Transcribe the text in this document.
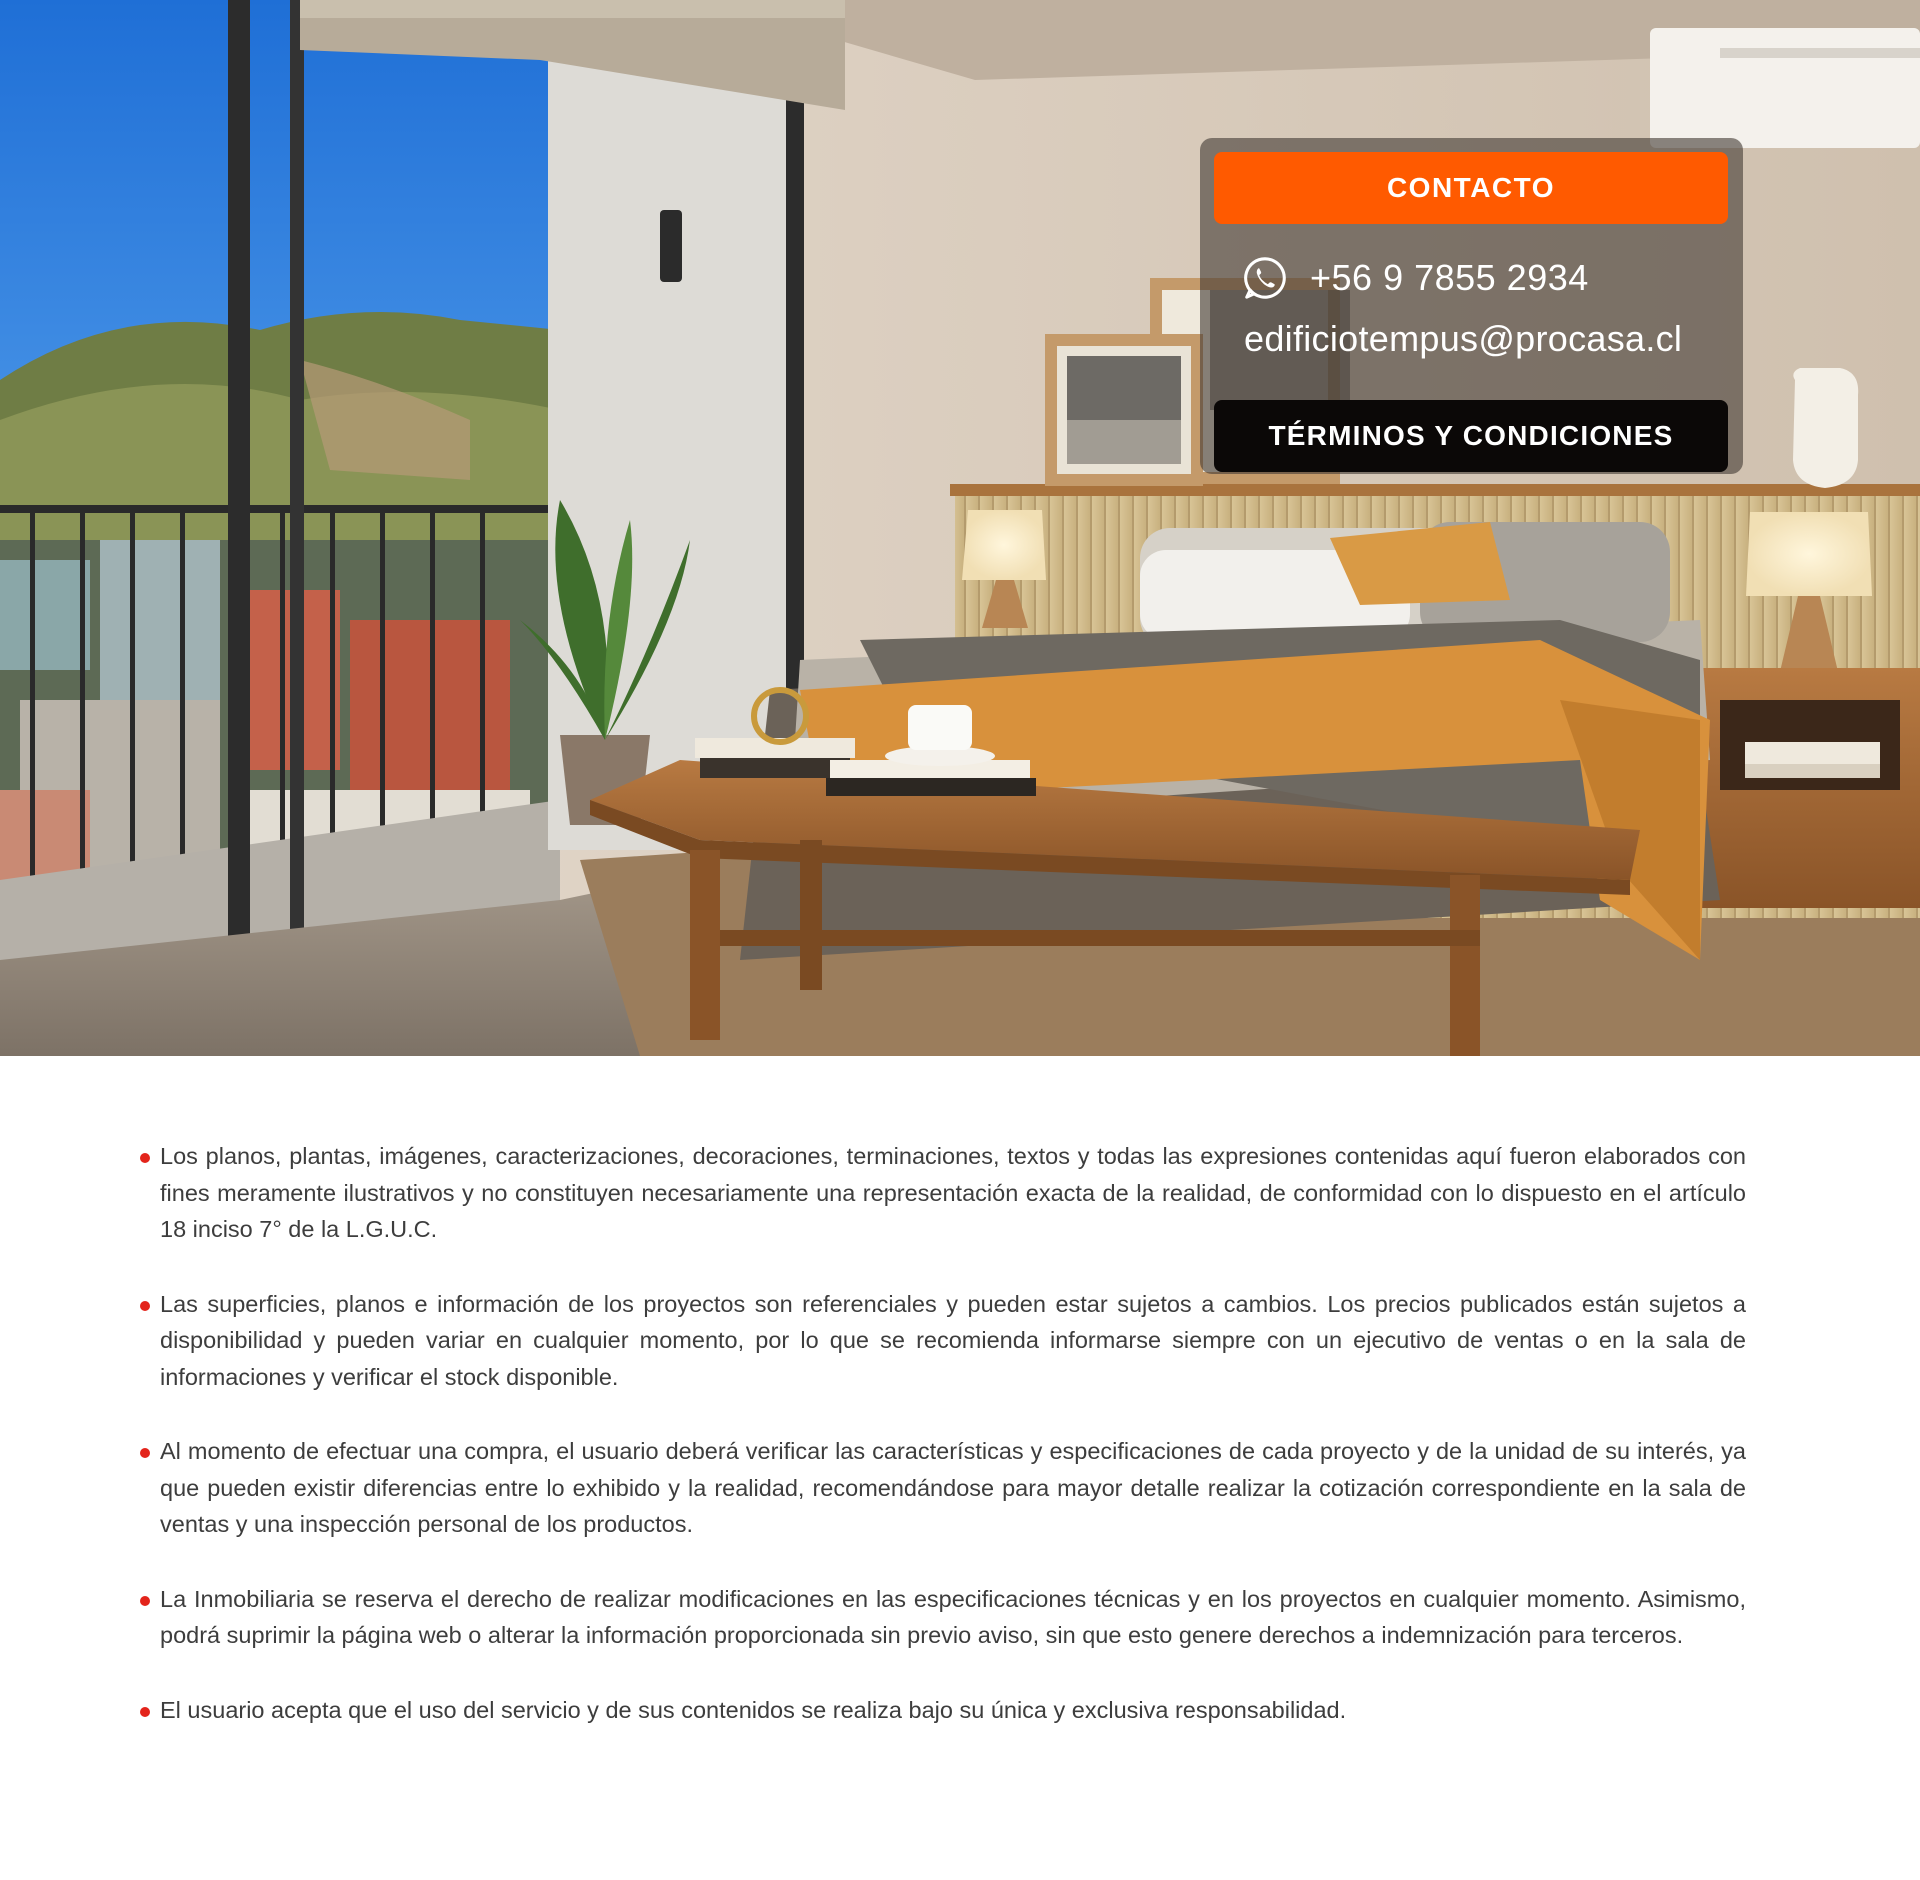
CONTACTO
+56 9 7855 2934
edificiotempus@procasa.cl
TÉRMINOS Y CONDICIONES

Los planos, plantas, imágenes, caracterizaciones, decoraciones, terminaciones, textos y todas las expresiones contenidas aquí fueron elaborados con fines meramente ilustrativos y no constituyen necesariamente una representación exacta de la realidad, de conformidad con lo dispuesto en el artículo 18 inciso 7° de la L.G.U.C.

Las superficies, planos e información de los proyectos son referenciales y pueden estar sujetos a cambios. Los precios publicados están sujetos a disponibilidad y pueden variar en cualquier momento, por lo que se recomienda informarse siempre con un ejecutivo de ventas o en la sala de informaciones y verificar el stock disponible.

Al momento de efectuar una compra, el usuario deberá verificar las características y especificaciones de cada proyecto y de la unidad de su interés, ya que pueden existir diferencias entre lo exhibido y la realidad, recomendándose para mayor detalle realizar la cotización correspondiente en la sala de ventas y una inspección personal de los productos.

La Inmobiliaria se reserva el derecho de realizar modificaciones en las especificaciones técnicas y en los proyectos en cualquier momento. Asimismo, podrá suprimir la página web o alterar la información proporcionada sin previo aviso, sin que esto genere derechos a indemnización para terceros.

El usuario acepta que el uso del servicio y de sus contenidos se realiza bajo su única y exclusiva responsabilidad.
